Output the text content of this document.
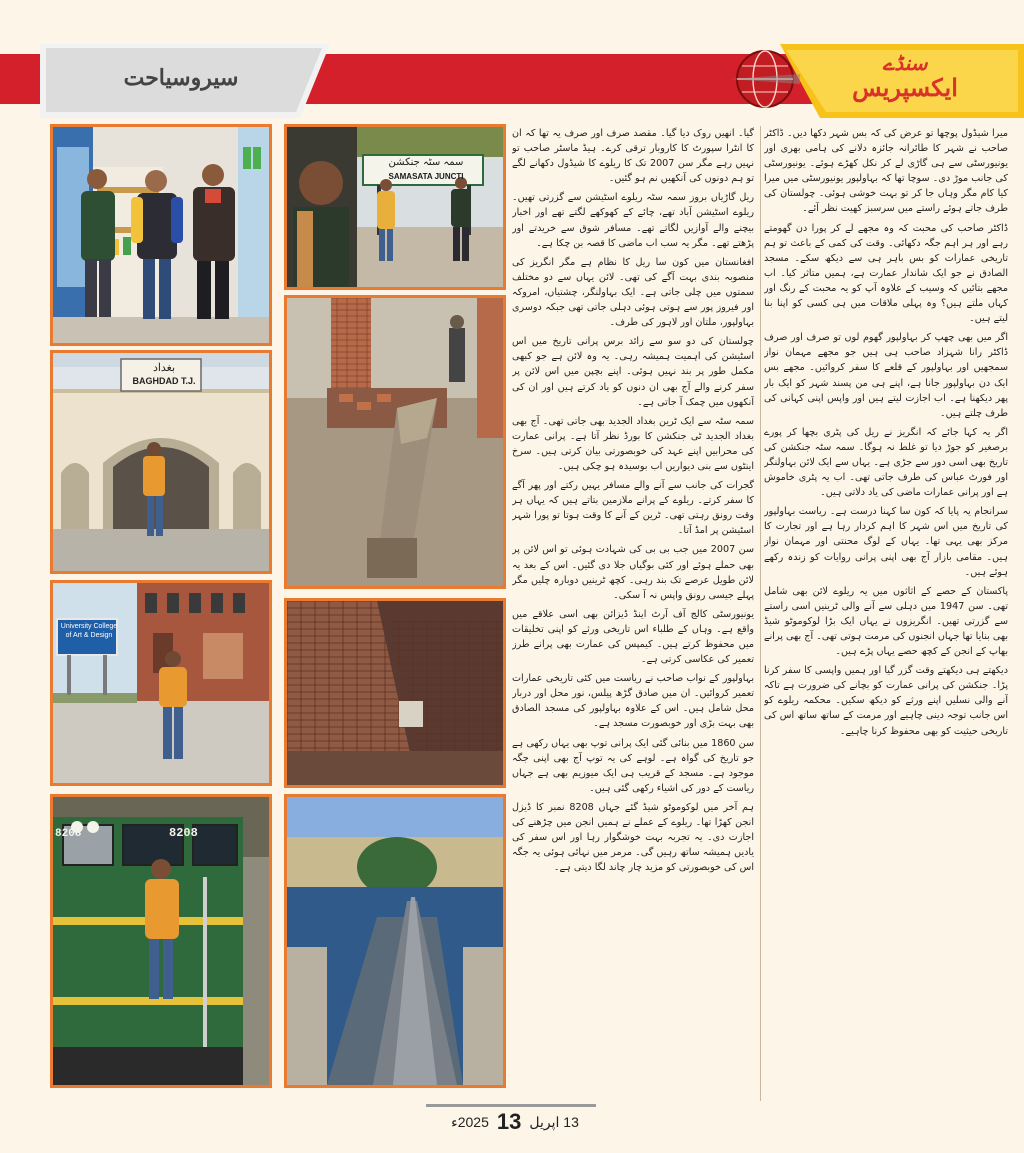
سیروسیاحت
سنڈے
ایکسپریس
بغداد
BAGHDAD T.J.
University College of Art & Design
8208	8208
سمہ سٹہ جنکشن
SAMASATA JUNCTI

میرا شیڈول پوچھا تو عرض کی کہ بس شہر دکھا دیں۔ ڈاکٹر صاحب نے شہر کا طائرانہ جائزہ دلانے کی ہامی بھری اور یونیورسٹی سے ہی گاڑی لے کر نکل کھڑے ہوئے۔ یونیورسٹی کی جانب موڑ دی۔ سوچا تھا کہ بہاولپور یونیورسٹی میں میرا کیا کام مگر وہاں جا کر تو بہت خوشی ہوئی۔ چولستان کی طرف جاتے ہوئے راستے میں سرسبز کھیت نظر آئے۔

ڈاکٹر صاحب کی محبت کہ وہ مجھے لے کر پورا دن گھومتے رہے اور ہر اہم جگہ دکھائی۔ وقت کی کمی کے باعث تو ہم تاریخی عمارات کو بس باہر ہی سے دیکھ سکے۔ مسجد الصادق نے جو ایک شاندار عمارت ہے، ہمیں متاثر کیا۔ اب مجھے بتائیں کہ وسیب کے علاوہ آپ کو یہ محبت کے رنگ اور کہاں ملتے ہیں؟ وہ پہلی ملاقات میں ہی کسی کو اپنا بنا لیتے ہیں۔

اگر میں بھی چھپ کر بہاولپور گھوم لوں تو صرف اور صرف ڈاکٹر رانا شہزاد صاحب ہی ہیں جو مجھے مہمان نواز سمجھیں اور بہاولپور کے قلعے کا سفر کروائیں۔ مجھے بس ایک دن بہاولپور جانا ہے، اپنے ہی من پسند شہر کو ایک بار پھر دیکھنا ہے۔ اب اجازت لیتے ہیں اور واپس اپنی کہانی کی طرف چلتے ہیں۔

اگر یہ کہا جائے کہ انگریز نے ریل کی پٹری بچھا کر پورے برصغیر کو جوڑ دیا تو غلط نہ ہوگا۔ سمہ سٹہ جنکشن کی تاریخ بھی اسی دور سے جڑی ہے۔ یہاں سے ایک لائن بہاولنگر اور فورٹ عباس کی طرف جاتی تھی۔ اب یہ پٹری خاموش ہے اور پرانی عمارات ماضی کی یاد دلاتی ہیں۔

سرانجام یہ پایا کہ کون سا کہنا درست ہے۔ ریاست بہاولپور کی تاریخ میں اس شہر کا اہم کردار رہا ہے اور تجارت کا مرکز بھی یہی تھا۔ یہاں کے لوگ محنتی اور مہمان نواز ہیں۔ مقامی بازار آج بھی اپنی پرانی روایات کو زندہ رکھے ہوئے ہیں۔

پاکستان کے حصے کے اثاثوں میں یہ ریلوے لائن بھی شامل تھی۔ سن 1947 میں دہلی سے آنے والی ٹرینیں اسی راستے سے گزرتی تھیں۔ انگریزوں نے یہاں ایک بڑا لوکوموٹو شیڈ بھی بنایا تھا جہاں انجنوں کی مرمت ہوتی تھی۔ آج بھی پرانے بھاپ کے انجن کے کچھ حصے یہاں پڑے ہیں۔

دیکھتے ہی دیکھتے وقت گزر گیا اور ہمیں واپسی کا سفر کرنا پڑا۔ جنکشن کی پرانی عمارت کو بچانے کی ضرورت ہے تاکہ آنے والی نسلیں اپنے ورثے کو دیکھ سکیں۔ محکمہ ریلوے کو اس جانب توجہ دینی چاہیے اور مرمت کے ساتھ ساتھ اس کی تاریخی حیثیت کو بھی محفوظ کرنا چاہیے۔

گیا۔ انھیں روک دیا گیا۔ مقصد صرف اور صرف یہ تھا کہ ان کا انٹرا سپورٹ کا کاروبار ترقی کرے۔ ہیڈ ماسٹر صاحب تو نہیں رہے مگر سن 2007 تک کا ریلوے کا شیڈول دکھانے لگے تو ہم دونوں کی آنکھیں نم ہو گئیں۔

ریل گاڑیاں بروز سمہ سٹہ ریلوے اسٹیشن سے گزرتی تھیں۔ ریلوے اسٹیشن آباد تھے، چائے کے کھوکھے لگتے تھے اور اخبار بیچنے والے آوازیں لگاتے تھے۔ مسافر شوق سے خریدتے اور پڑھتے تھے۔ مگر یہ سب اب ماضی کا قصہ بن چکا ہے۔

افغانستان میں کون سا ریل کا نظام ہے مگر انگریز کی منصوبہ بندی بہت آگے کی تھی۔ لائن یہاں سے دو مختلف سمتوں میں چلی جاتی ہے۔ ایک بہاولنگر، چشتیاں، امروکہ اور فیروز پور سے ہوتی ہوئی دہلی جاتی تھی جبکہ دوسری بہاولپور، ملتان اور لاہور کی طرف۔

چولستان کی دو سو سے زائد برس پرانی تاریخ میں اس اسٹیشن کی اہمیت ہمیشہ رہی۔ یہ وہ لائن ہے جو کبھی مکمل طور پر بند نہیں ہوئی۔ اپنے بچپن میں اس لائن پر سفر کرنے والے آج بھی ان دنوں کو یاد کرتے ہیں اور ان کی آنکھوں میں چمک آ جاتی ہے۔

سمہ سٹہ سے ایک ٹرین بغداد الجدید بھی جاتی تھی۔ آج بھی بغداد الجدید ٹی جنکشن کا بورڈ نظر آتا ہے۔ پرانی عمارت کی محرابیں اپنے عہد کی خوبصورتی بیان کرتی ہیں۔ سرخ اینٹوں سے بنی دیواریں اب بوسیدہ ہو چکی ہیں۔

گجرات کی جانب سے آنے والے مسافر یہیں رکتے اور پھر آگے کا سفر کرتے۔ ریلوے کے پرانے ملازمین بتاتے ہیں کہ یہاں ہر وقت رونق رہتی تھی۔ ٹرین کے آنے کا وقت ہوتا تو پورا شہر اسٹیشن پر امڈ آتا۔

سن 2007 میں جب بی بی کی شہادت ہوئی تو اس لائن پر بھی حملے ہوئے اور کئی بوگیاں جلا دی گئیں۔ اس کے بعد یہ لائن طویل عرصے تک بند رہی۔ کچھ ٹرینیں دوبارہ چلیں مگر پہلے جیسی رونق واپس نہ آ سکی۔

یونیورسٹی کالج آف آرٹ اینڈ ڈیزائن بھی اسی علاقے میں واقع ہے۔ وہاں کے طلباء اس تاریخی ورثے کو اپنی تخلیقات میں محفوظ کرتے ہیں۔ کیمپس کی عمارت بھی پرانے طرز تعمیر کی عکاسی کرتی ہے۔

بہاولپور کے نواب صاحب نے ریاست میں کئی تاریخی عمارات تعمیر کروائیں۔ ان میں صادق گڑھ پیلس، نور محل اور دربار محل شامل ہیں۔ اس کے علاوہ بہاولپور کی مسجد الصادق بھی بہت بڑی اور خوبصورت مسجد ہے۔

سن 1860 میں بنائی گئی ایک پرانی توپ بھی یہاں رکھی ہے جو تاریخ کی گواہ ہے۔ لوہے کی یہ توپ آج بھی اپنی جگہ موجود ہے۔ مسجد کے قریب ہی ایک میوزیم بھی ہے جہاں ریاست کے دور کی اشیاء رکھی گئی ہیں۔

ہم آخر میں لوکوموٹو شیڈ گئے جہاں 8208 نمبر کا ڈیزل انجن کھڑا تھا۔ ریلوے کے عملے نے ہمیں انجن میں چڑھنے کی اجازت دی۔ یہ تجربہ بہت خوشگوار رہا اور اس سفر کی یادیں ہمیشہ ساتھ رہیں گی۔ مرمر میں نہائی ہوئی یہ جگہ اس کی خوبصورتی کو مزید چار چاند لگا دیتی ہے۔

13 اپریل
13
2025ء
